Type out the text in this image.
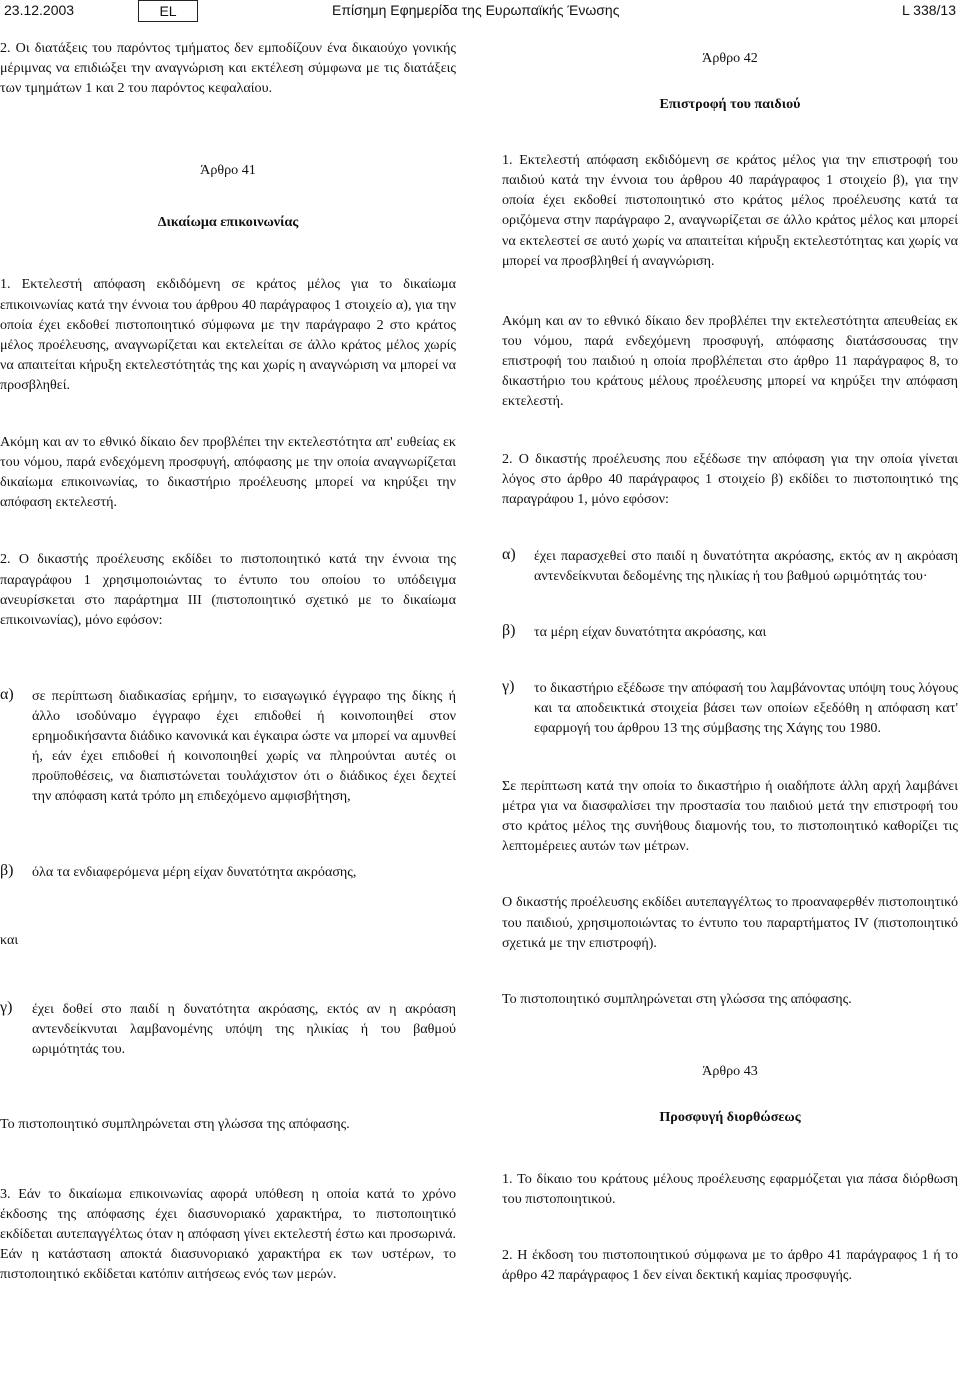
23.12.2003	EL	Επίσημη Εφημερίδα της Ευρωπαϊκής Ένωσης	L 338/13

2. Οι διατάξεις του παρόντος τμήματος δεν εμποδίζουν ένα δικαιούχο γονικής μέριμνας να επιδιώξει την αναγνώριση και εκτέλεση σύμφωνα με τις διατάξεις των τμημάτων 1 και 2 του παρόντος κεφαλαίου.

Άρθρο 41

Δικαίωμα επικοινωνίας

1. Εκτελεστή απόφαση εκδιδόμενη σε κράτος μέλος για το δικαίωμα επικοινωνίας κατά την έννοια του άρθρου 40 παράγραφος 1 στοιχείο α), για την οποία έχει εκδοθεί πιστοποιητικό σύμφωνα με την παράγραφο 2 στο κράτος μέλος προέλευσης, αναγνωρίζεται και εκτελείται σε άλλο κράτος μέλος χωρίς να απαιτείται κήρυξη εκτελεστότητάς της και χωρίς η αναγνώριση να μπορεί να προσβληθεί.

Ακόμη και αν το εθνικό δίκαιο δεν προβλέπει την εκτελεστότητα απ' ευθείας εκ του νόμου, παρά ενδεχόμενη προσφυγή, απόφασης με την οποία αναγνωρίζεται δικαίωμα επικοινωνίας, το δικαστήριο προέλευσης μπορεί να κηρύξει την απόφαση εκτελεστή.

2. Ο δικαστής προέλευσης εκδίδει το πιστοποιητικό κατά την έννοια της παραγράφου 1 χρησιμοποιώντας το έντυπο του οποίου το υπόδειγμα ανευρίσκεται στο παράρτημα III (πιστοποιητικό σχετικό με το δικαίωμα επικοινωνίας), μόνο εφόσον:

α)	σε περίπτωση διαδικασίας ερήμην, το εισαγωγικό έγγραφο της δίκης ή άλλο ισοδύναμο έγγραφο έχει επιδοθεί ή κοινοποιηθεί στον ερημοδικήσαντα διάδικο κανονικά και έγκαιρα ώστε να μπορεί να αμυνθεί ή, εάν έχει επιδοθεί ή κοινοποιηθεί χωρίς να πληρούνται αυτές οι προϋποθέσεις, να διαπιστώνεται τουλάχιστον ότι ο διάδικος έχει δεχτεί την απόφαση κατά τρόπο μη επιδεχόμενο αμφισβήτηση,

β)	όλα τα ενδιαφερόμενα μέρη είχαν δυνατότητα ακρόασης,

και

γ)	έχει δοθεί στο παιδί η δυνατότητα ακρόασης, εκτός αν η ακρόαση αντενδείκνυται λαμβανομένης υπόψη της ηλικίας ή του βαθμού ωριμότητάς του.

Το πιστοποιητικό συμπληρώνεται στη γλώσσα της απόφασης.

3. Εάν το δικαίωμα επικοινωνίας αφορά υπόθεση η οποία κατά το χρόνο έκδοσης της απόφασης έχει διασυνοριακό χαρακτήρα, το πιστοποιητικό εκδίδεται αυτεπαγγέλτως όταν η απόφαση γίνει εκτελεστή έστω και προσωρινά. Εάν η κατάσταση αποκτά διασυνοριακό χαρακτήρα εκ των υστέρων, το πιστοποιητικό εκδίδεται κατόπιν αιτήσεως ενός των μερών.

Άρθρο 42

Επιστροφή του παιδιού

1. Εκτελεστή απόφαση εκδιδόμενη σε κράτος μέλος για την επιστροφή του παιδιού κατά την έννοια του άρθρου 40 παράγραφος 1 στοιχείο β), για την οποία έχει εκδοθεί πιστοποιητικό στο κράτος μέλος προέλευσης κατά τα οριζόμενα στην παράγραφο 2, αναγνωρίζεται σε άλλο κράτος μέλος και μπορεί να εκτελεστεί σε αυτό χωρίς να απαιτείται κήρυξη εκτελεστότητας και χωρίς να μπορεί να προσβληθεί ή αναγνώριση.

Ακόμη και αν το εθνικό δίκαιο δεν προβλέπει την εκτελεστότητα απευθείας εκ του νόμου, παρά ενδεχόμενη προσφυγή, απόφασης διατάσσουσας την επιστροφή του παιδιού η οποία προβλέπεται στο άρθρο 11 παράγραφος 8, το δικαστήριο του κράτους μέλους προέλευσης μπορεί να κηρύξει την απόφαση εκτελεστή.

2. Ο δικαστής προέλευσης που εξέδωσε την απόφαση για την οποία γίνεται λόγος στο άρθρο 40 παράγραφος 1 στοιχείο β) εκδίδει το πιστοποιητικό της παραγράφου 1, μόνο εφόσον:

α)	έχει παρασχεθεί στο παιδί η δυνατότητα ακρόασης, εκτός αν η ακρόαση αντενδείκνυται δεδομένης της ηλικίας ή του βαθμού ωριμότητάς του·

β)	τα μέρη είχαν δυνατότητα ακρόασης, και

γ)	το δικαστήριο εξέδωσε την απόφασή του λαμβάνοντας υπόψη τους λόγους και τα αποδεικτικά στοιχεία βάσει των οποίων εξεδόθη η απόφαση κατ' εφαρμογή του άρθρου 13 της σύμβασης της Χάγης του 1980.

Σε περίπτωση κατά την οποία το δικαστήριο ή οιαδήποτε άλλη αρχή λαμβάνει μέτρα για να διασφαλίσει την προστασία του παιδιού μετά την επιστροφή του στο κράτος μέλος της συνήθους διαμονής του, το πιστοποιητικό καθορίζει τις λεπτομέρειες αυτών των μέτρων.

Ο δικαστής προέλευσης εκδίδει αυτεπαγγέλτως το προαναφερθέν πιστοποιητικό του παιδιού, χρησιμοποιώντας το έντυπο του παραρτήματος IV (πιστοποιητικό σχετικά με την επιστροφή).

Το πιστοποιητικό συμπληρώνεται στη γλώσσα της απόφασης.

Άρθρο 43

Προσφυγή διορθώσεως

1. Το δίκαιο του κράτους μέλους προέλευσης εφαρμόζεται για πάσα διόρθωση του πιστοποιητικού.

2. Η έκδοση του πιστοποιητικού σύμφωνα με το άρθρο 41 παράγραφος 1 ή το άρθρο 42 παράγραφος 1 δεν είναι δεκτική καμίας προσφυγής.
